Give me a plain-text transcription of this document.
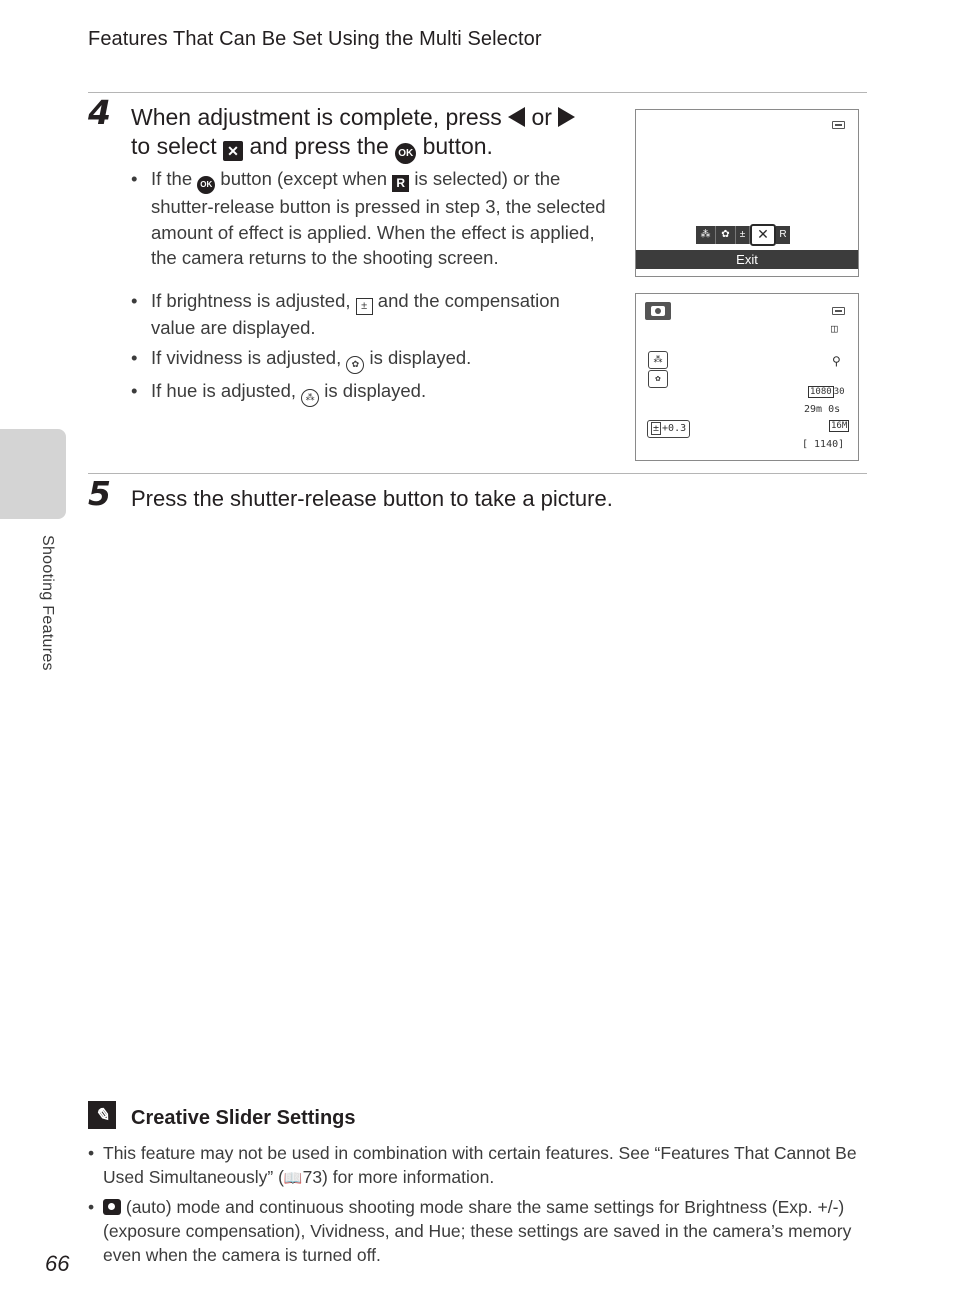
Features That Can Be Set Using the Multi Selector
Shooting Features
4 When adjustment is complete, press or
to select ✕ and press the OK button.
• If the OK button (except when R is selected) or the shutter-release button is pressed in step 3, the selected amount of effect is applied. When the effect is applied, the camera returns to the shooting screen.
• If brightness is adjusted, ± and the compensation value are displayed.
• If vividness is adjusted, ✿ is displayed.
• If hue is adjusted, ⁂ is displayed.
⁂	✿	± ✕	R
Exit
◫
⚲
⁂
✿
1080 30
29m 0s
± +0.3	16M
[ 1140]
5 Press the shutter-release button to take a picture.
✎	Creative Slider Settings
• This feature may not be used in combination with certain features. See “Features That Cannot Be Used Simultaneously” (📖73) for more information.
• (auto) mode and continuous shooting mode share the same settings for Brightness (Exp. +/-) (exposure compensation), Vividness, and Hue; these settings are saved in the camera’s memory even when the camera is turned off.
66
